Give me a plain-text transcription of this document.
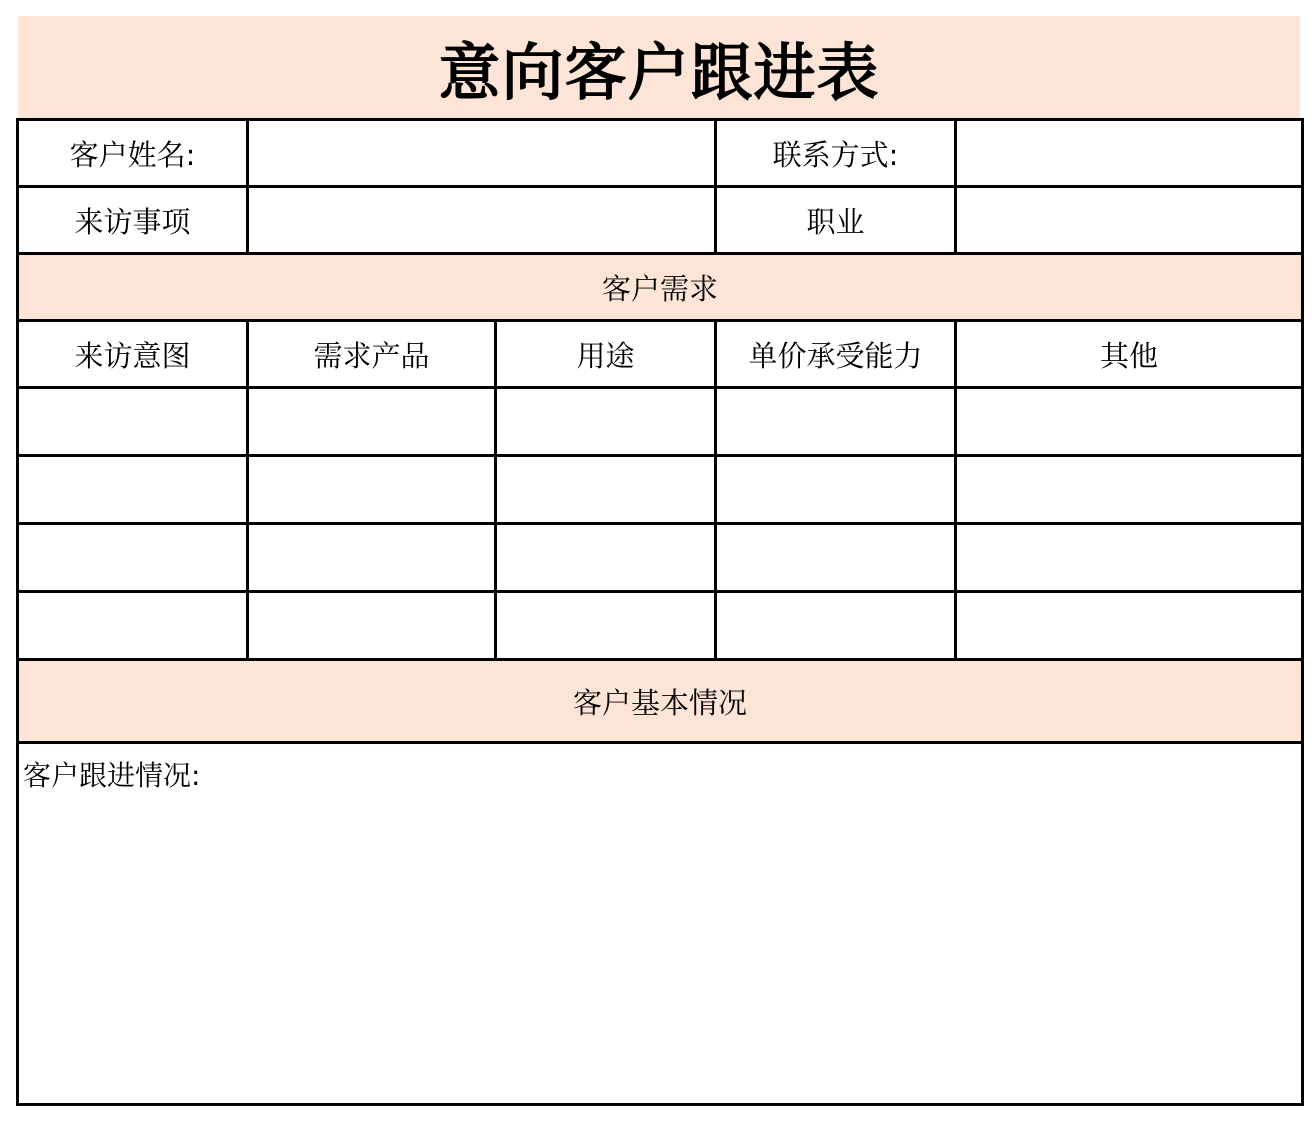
意向客户跟进表
客户姓名:			联系方式:	
来访事项			职业	
客户需求				
来访意图	需求产品	用途	单价承受能力	其他

客户基本情况				

客户跟进情况:				
